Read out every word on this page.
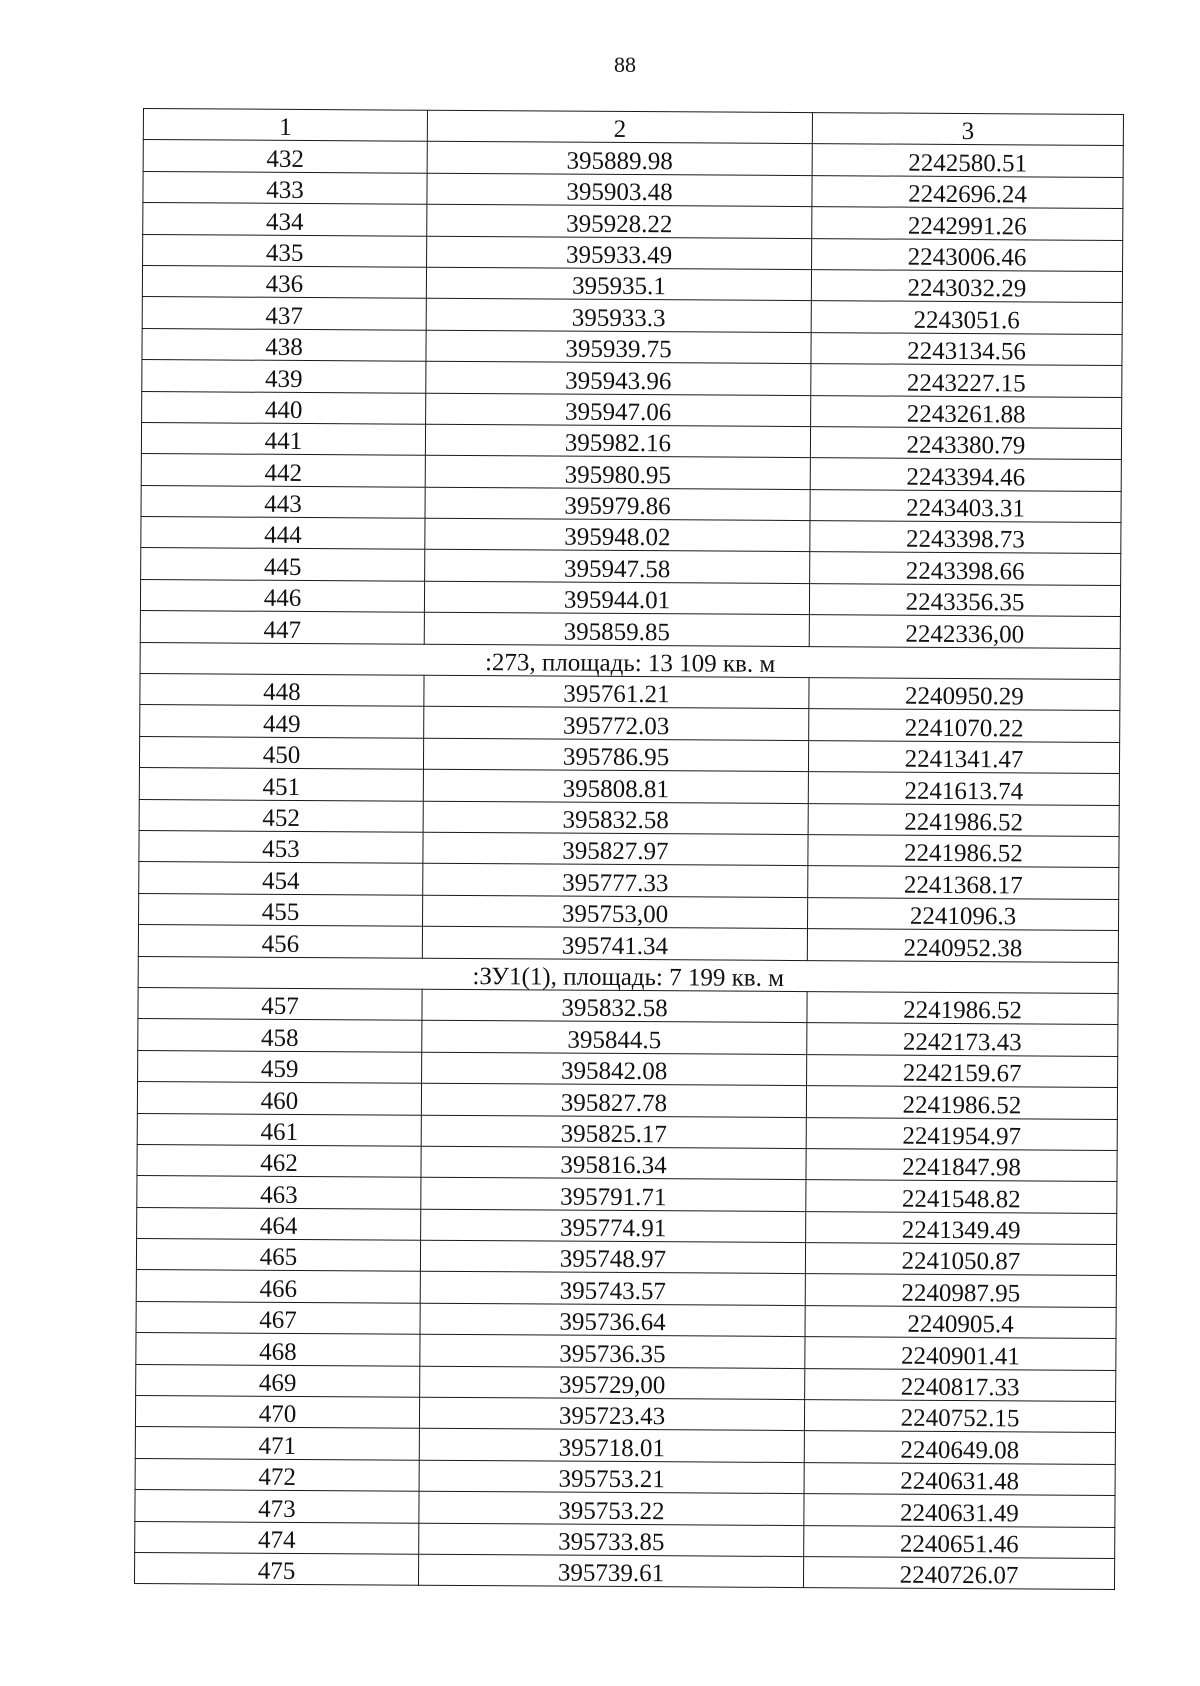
88
1	2	3
432	395889.98	2242580.51
433	395903.48	2242696.24
434	395928.22	2242991.26
435	395933.49	2243006.46
436	395935.1	2243032.29
437	395933.3	2243051.6
438	395939.75	2243134.56
439	395943.96	2243227.15
440	395947.06	2243261.88
441	395982.16	2243380.79
442	395980.95	2243394.46
443	395979.86	2243403.31
444	395948.02	2243398.73
445	395947.58	2243398.66
446	395944.01	2243356.35
447	395859.85	2242336,00
:273, площадь: 13 109 кв. м		
448	395761.21	2240950.29
449	395772.03	2241070.22
450	395786.95	2241341.47
451	395808.81	2241613.74
452	395832.58	2241986.52
453	395827.97	2241986.52
454	395777.33	2241368.17
455	395753,00	2241096.3
456	395741.34	2240952.38
:ЗУ1(1), площадь: 7 199 кв. м		
457	395832.58	2241986.52
458	395844.5	2242173.43
459	395842.08	2242159.67
460	395827.78	2241986.52
461	395825.17	2241954.97
462	395816.34	2241847.98
463	395791.71	2241548.82
464	395774.91	2241349.49
465	395748.97	2241050.87
466	395743.57	2240987.95
467	395736.64	2240905.4
468	395736.35	2240901.41
469	395729,00	2240817.33
470	395723.43	2240752.15
471	395718.01	2240649.08
472	395753.21	2240631.48
473	395753.22	2240631.49
474	395733.85	2240651.46
475	395739.61	2240726.07
